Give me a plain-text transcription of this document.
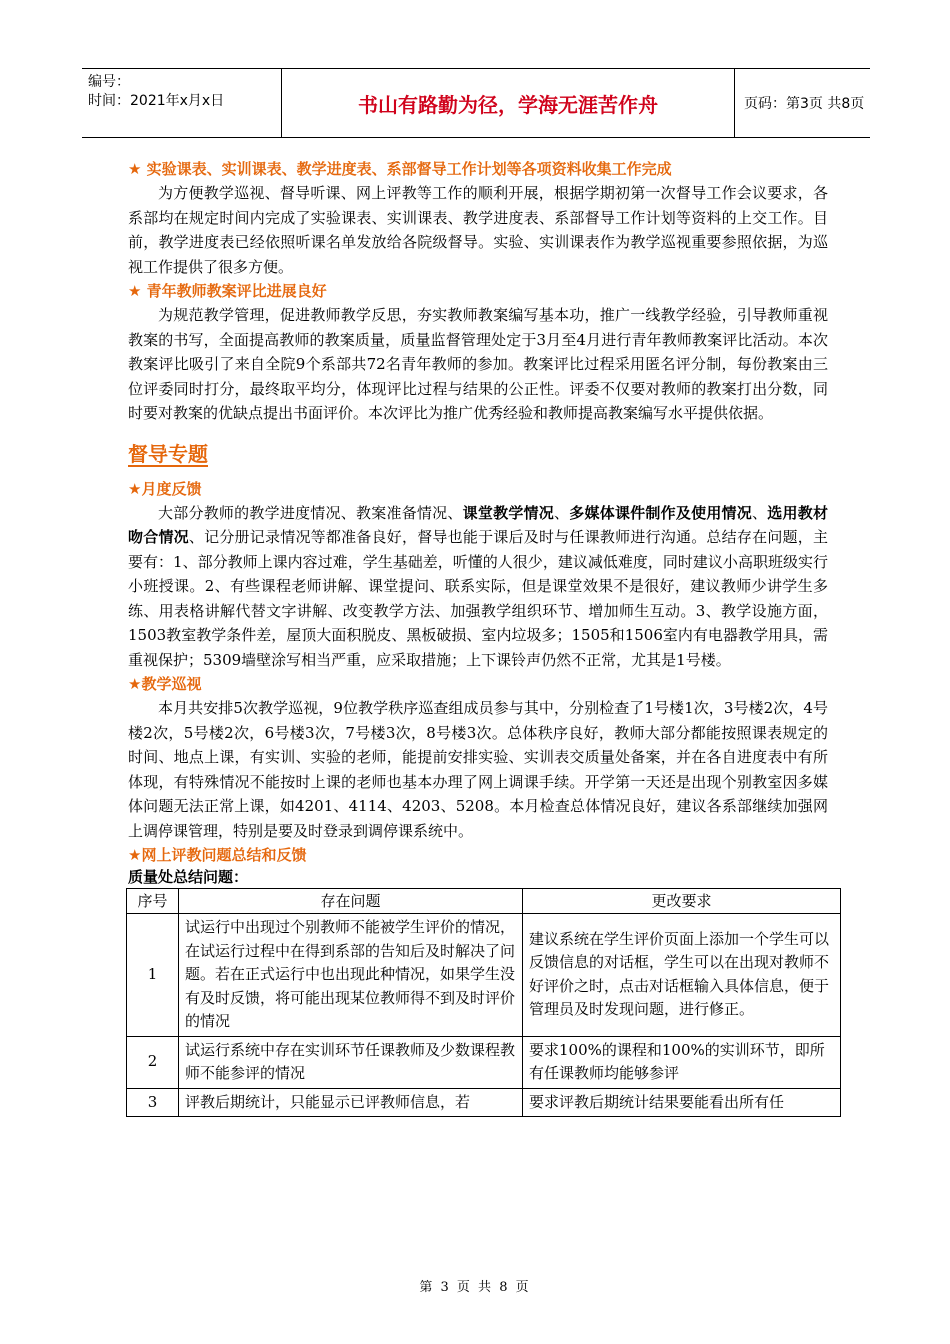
编号：
时间：2021年x月x日	书山有路勤为径，学海无涯苦作舟	页码：第3页 共8页
★ 实验课表、实训课表、教学进度表、系部督导工作计划等各项资料收集工作完成

为方便教学巡视、督导听课、网上评教等工作的顺利开展，根据学期初第一次督导工作会议要求，各系部均在规定时间内完成了实验课表、实训课表、教学进度表、系部督导工作计划等资料的上交工作。目前，教学进度表已经依照听课名单发放给各院级督导。实验、实训课表作为教学巡视重要参照依据，为巡视工作提供了很多方便。

★ 青年教师教案评比进展良好

为规范教学管理，促进教师教学反思，夯实教师教案编写基本功，推广一线教学经验，引导教师重视教案的书写，全面提高教师的教案质量，质量监督管理处定于3月至4月进行青年教师教案评比活动。本次教案评比吸引了来自全院9个系部共72名青年教师的参加。教案评比过程采用匿名评分制，每份教案由三位评委同时打分，最终取平均分，体现评比过程与结果的公正性。评委不仅要对教师的教案打出分数，同时要对教案的优缺点提出书面评价。本次评比为推广优秀经验和教师提高教案编写水平提供依据。

督导专题
★月度反馈

大部分教师的教学进度情况、教案准备情况、课堂教学情况、多媒体课件制作及使用情况、选用教材吻合情况、记分册记录情况等都准备良好，督导也能于课后及时与任课教师进行沟通。总结存在问题，主要有：1、部分教师上课内容过难，学生基础差，听懂的人很少，建议减低难度，同时建议小高职班级实行小班授课。2、有些课程老师讲解、课堂提问、联系实际，但是课堂效果不是很好，建议教师少讲学生多练、用表格讲解代替文字讲解、改变教学方法、加强教学组织环节、增加师生互动。3、教学设施方面，1503教室教学条件差，屋顶大面积脱皮、黑板破损、室内垃圾多；1505和1506室内有电器教学用具，需重视保护；5309墙壁涂写相当严重，应采取措施；上下课铃声仍然不正常，尤其是1号楼。

★教学巡视

本月共安排5次教学巡视，9位教学秩序巡查组成员参与其中，分别检查了1号楼1次，3号楼2次，4号楼2次，5号楼2次，6号楼3次，7号楼3次，8号楼3次。总体秩序良好，教师大部分都能按照课表规定的时间、地点上课，有实训、实验的老师，能提前安排实验、实训表交质量处备案，并在各自进度表中有所体现，有特殊情况不能按时上课的老师也基本办理了网上调课手续。开学第一天还是出现个别教室因多媒体问题无法正常上课，如4201、4114、4203、5208。本月检查总体情况良好，建议各系部继续加强网上调停课管理，特别是要及时登录到调停课系统中。

★网上评教问题总结和反馈
质量处总结问题：
序号	存在问题	更改要求
1	试运行中出现过个别教师不能被学生评价的情况，在试运行过程中在得到系部的告知后及时解决了问题。若在正式运行中也出现此种情况，如果学生没有及时反馈，将可能出现某位教师得不到及时评价的情况	建议系统在学生评价页面上添加一个学生可以反馈信息的对话框，学生可以在出现对教师不好评价之时，点击对话框输入具体信息，便于管理员及时发现问题，进行修正。
2	试运行系统中存在实训环节任课教师及少数课程教师不能参评的情况	要求100%的课程和100%的实训环节，即所有任课教师均能够参评
3	评教后期统计，只能显示已评教师信息，若	要求评教后期统计结果要能看出所有任
第 3 页 共 8 页
